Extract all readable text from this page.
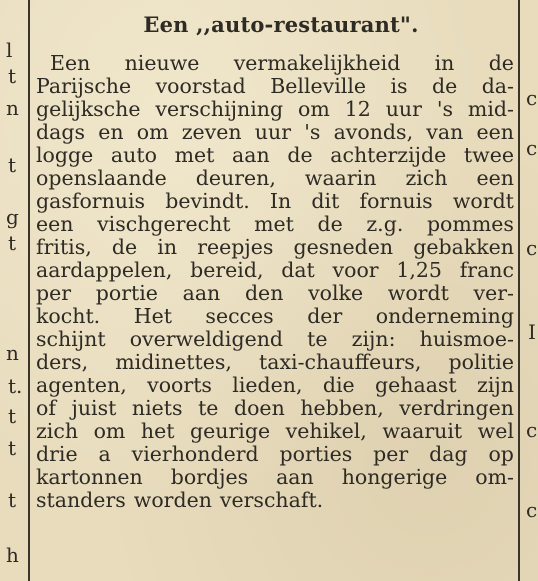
l
t
n
t
g
t
n
t.
t
t
t
h
Een ,,auto-restaurant".
Een nieuwe vermakelijkheid in de
Parijsche voorstad Belleville is de da-
gelijksche verschijning om 12 uur 's mid-
dags en om zeven uur 's avonds, van een
logge auto met aan de achterzijde twee
openslaande deuren, waarin zich een
gasfornuis bevindt. In dit fornuis wordt
een vischgerecht met de z.g. pommes
fritis, de in reepjes gesneden gebakken
aardappelen, bereid, dat voor 1,25 franc
per portie aan den volke wordt ver-
kocht. Het secces der onderneming
schijnt overweldigend te zijn: huismoe-
ders, midinettes, taxi-chauffeurs, politie
agenten, voorts lieden, die gehaast zijn
of juist niets te doen hebben, verdringen
zich om het geurige vehikel, waaruit wel
drie a vierhonderd porties per dag op
kartonnen bordjes aan hongerige om-
standers worden verschaft.
c
c
c
I
c
c
